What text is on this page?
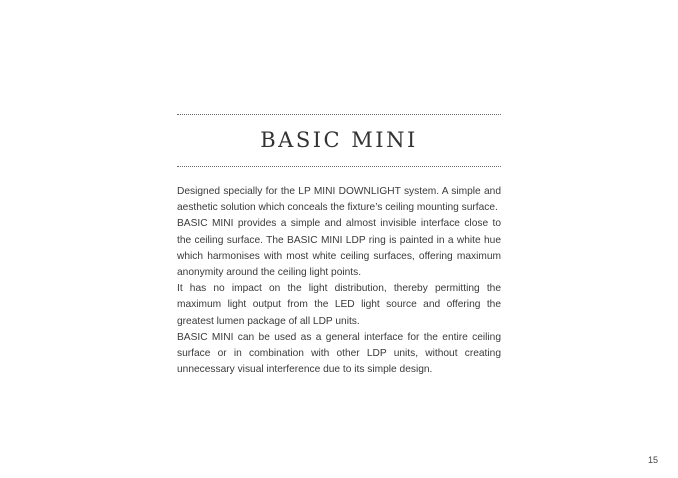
BASIC MINI

Designed specially for the LP MINI DOWNLIGHT system. A simple and aesthetic solution which conceals the fixture’s ceiling mounting surface.

BASIC MINI provides a simple and almost invisible interface close to the ceiling surface. The BASIC MINI LDP ring is painted in a white hue which harmonises with most white ceiling surfaces, offering maximum anonymity around the ceiling light points.

It has no impact on the light distribution, thereby permitting the maximum light output from the LED light source and offering the greatest lumen package of all LDP units.

BASIC MINI can be used as a general interface for the entire ceiling surface or in combination with other LDP units, without creating unnecessary visual interference due to its simple design.

15
